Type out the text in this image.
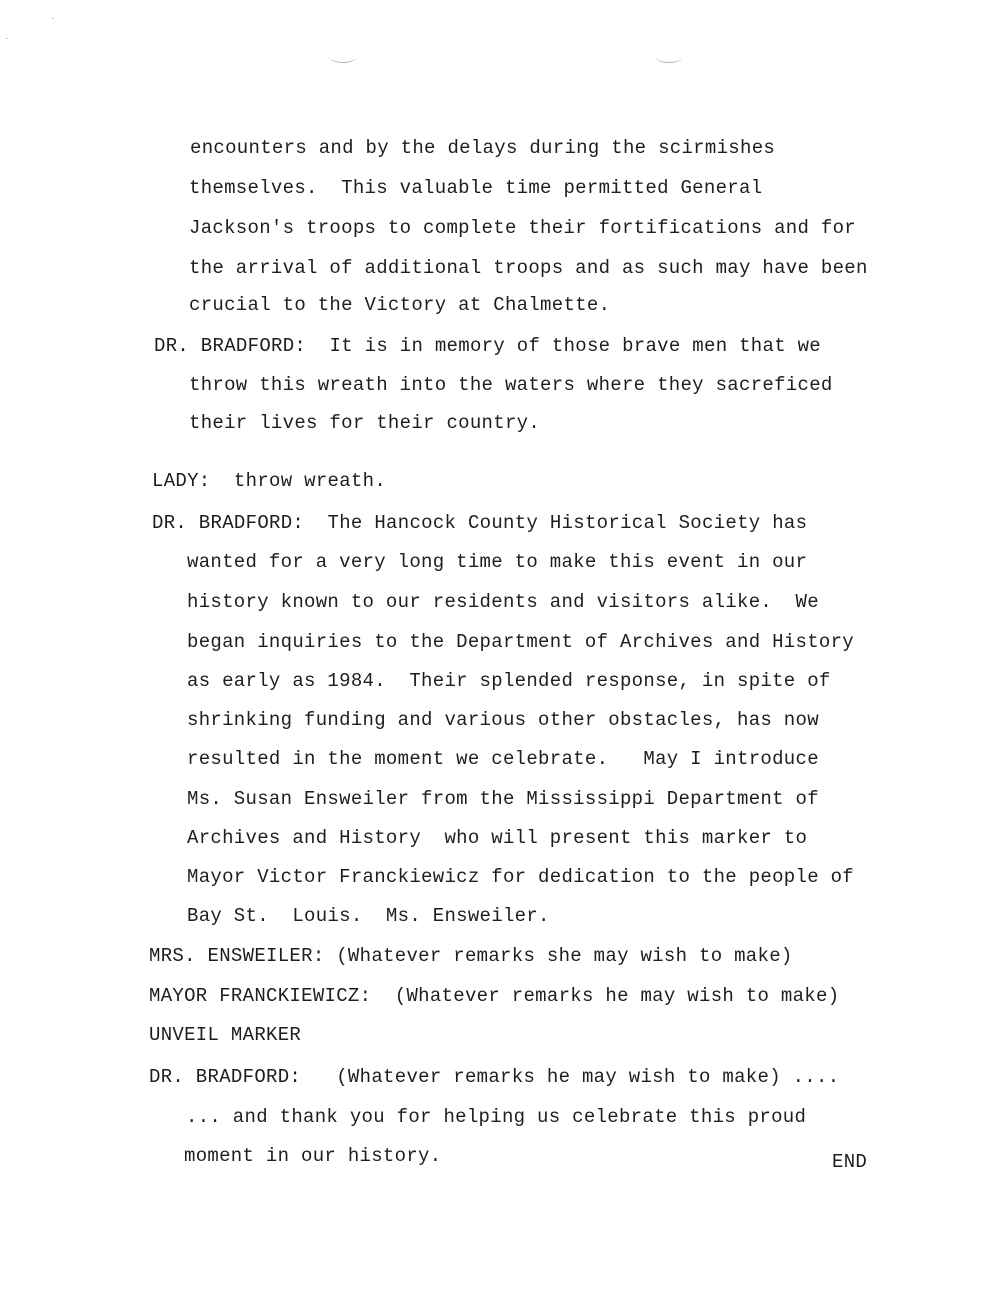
encounters and by the delays during the scirmishes
themselves.  This valuable time permitted General
Jackson's troops to complete their fortifications and for
the arrival of additional troops and as such may have been
crucial to the Victory at Chalmette.
DR. BRADFORD:  It is in memory of those brave men that we
throw this wreath into the waters where they sacreficed
their lives for their country.
LADY:  throw wreath.
DR. BRADFORD:  The Hancock County Historical Society has
wanted for a very long time to make this event in our
history known to our residents and visitors alike.  We
began inquiries to the Department of Archives and History
as early as 1984.  Their splended response, in spite of
shrinking funding and various other obstacles, has now
resulted in the moment we celebrate.   May I introduce
Ms. Susan Ensweiler from the Mississippi Department of
Archives and History  who will present this marker to
Mayor Victor Franckiewicz for dedication to the people of
Bay St.  Louis.  Ms. Ensweiler.
MRS. ENSWEILER: (Whatever remarks she may wish to make)
MAYOR FRANCKIEWICZ:  (Whatever remarks he may wish to make)
UNVEIL MARKER
DR. BRADFORD:   (Whatever remarks he may wish to make) ....
... and thank you for helping us celebrate this proud
moment in our history.	END
